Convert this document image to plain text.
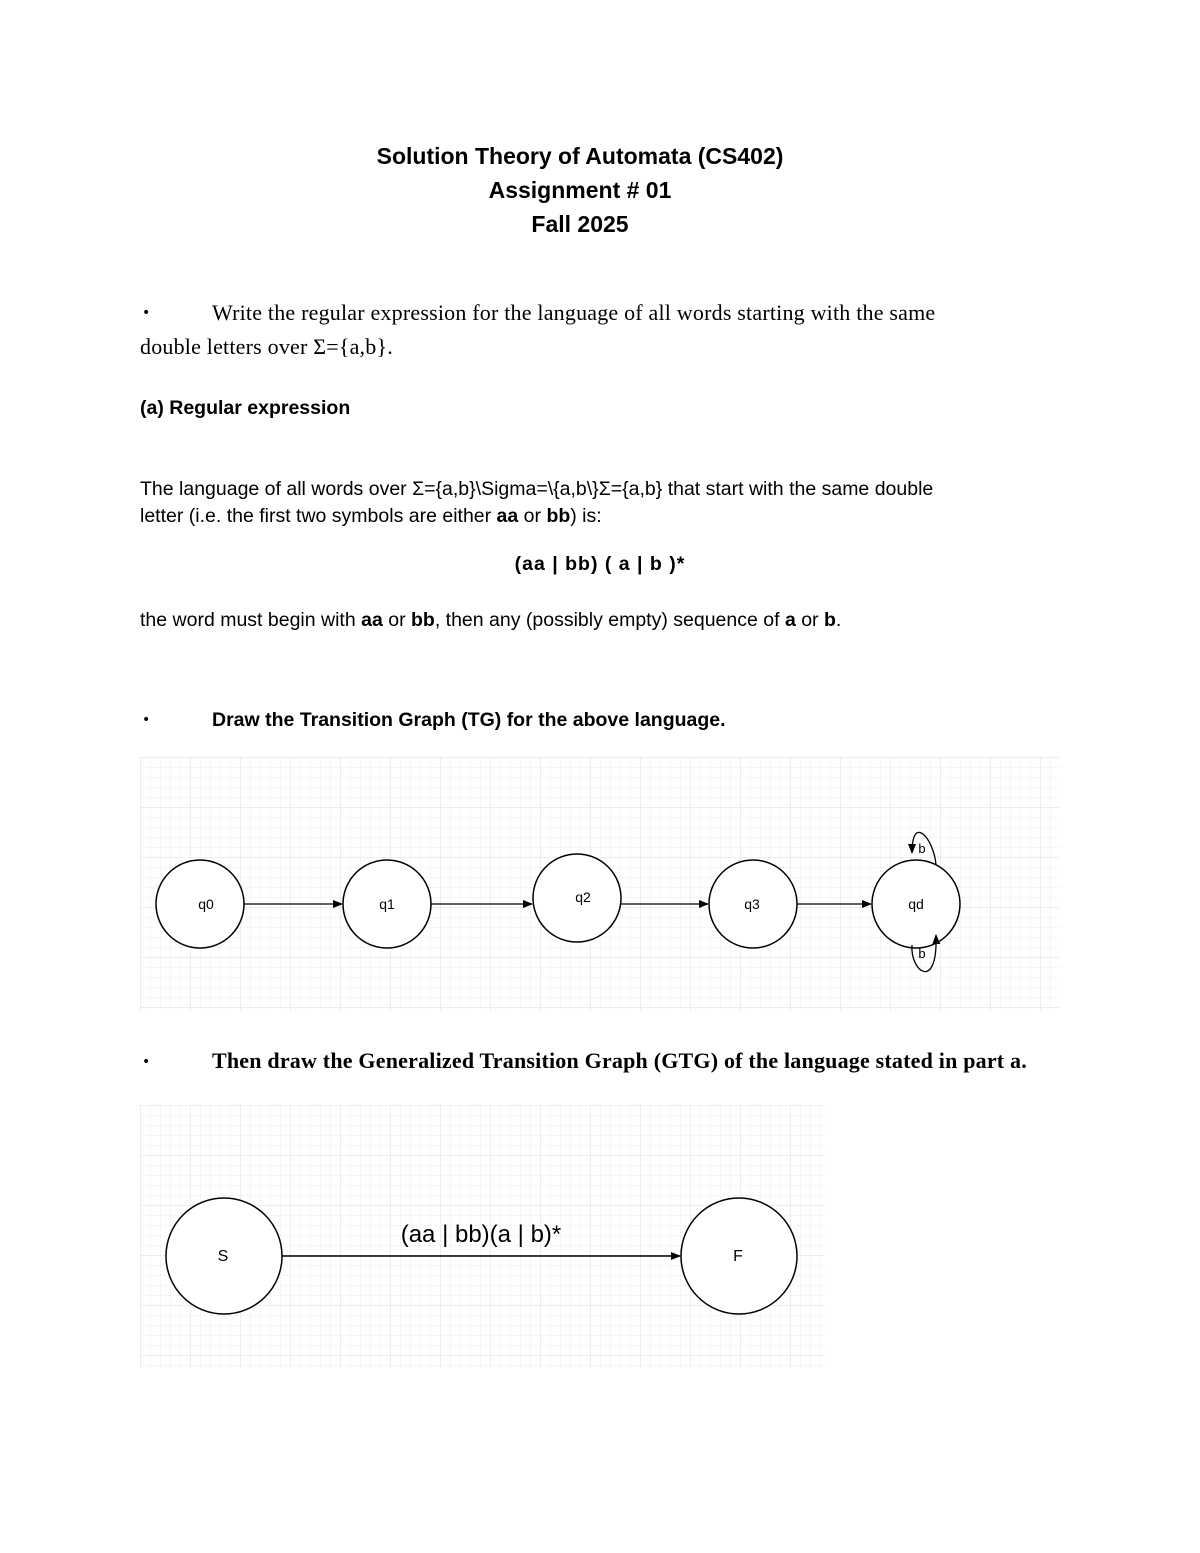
Solution Theory of Automata (CS402)
Assignment # 01
Fall 2025
•	Write the regular expression for the language of all words starting with the same
double letters over Σ={a,b}.
(a) Regular expression
The language of all words over Σ={a,b}\Sigma=\{a,b\}Σ={a,b} that start with the same double
letter (i.e. the first two symbols are either aa or bb) is:
(aa | bb) ( a | b )*
the word must begin with aa or bb, then any (possibly empty) sequence of a or b.
•	Draw the Transition Graph (TG) for the above language.
q0	q1	q2	q3	qd
b
b
•	Then draw the Generalized Transition Graph (GTG) of the language stated in part a.
S	F
(aa | bb)(a | b)*
